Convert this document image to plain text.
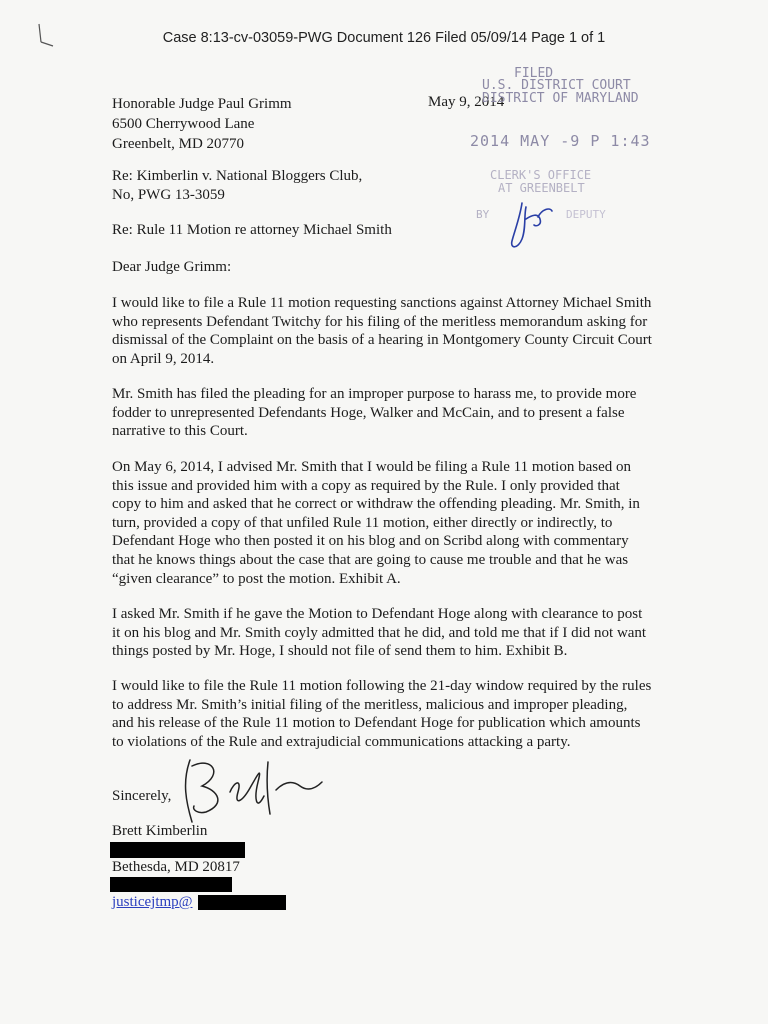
Case 8:13-cv-03059-PWG Document 126 Filed 05/09/14 Page 1 of 1
Honorable Judge Paul Grimm
6500 Cherrywood Lane
Greenbelt, MD 20770
May 9, 2014
FILED
U.S. DISTRICT COURT
DISTRICT OF MARYLAND
2014 MAY -9 P 1:43
CLERK'S OFFICE
AT GREENBELT
BY	DEPUTY
Re: Kimberlin v. National Bloggers Club,
No, PWG 13-3059
Re: Rule 11 Motion re attorney Michael Smith
Dear Judge Grimm:

I would like to file a Rule 11 motion requesting sanctions against Attorney Michael Smith who represents Defendant Twitchy for his filing of the meritless memorandum asking for dismissal of the Complaint on the basis of a hearing in Montgomery County Circuit Court on April 9, 2014.

Mr. Smith has filed the pleading for an improper purpose to harass me, to provide more fodder to unrepresented Defendants Hoge, Walker and McCain, and to present a false narrative to this Court.

On May 6, 2014, I advised Mr. Smith that I would be filing a Rule 11 motion based on this issue and provided him with a copy as required by the Rule. I only provided that copy to him and asked that he correct or withdraw the offending pleading. Mr. Smith, in turn, provided a copy of that unfiled Rule 11 motion, either directly or indirectly, to Defendant Hoge who then posted it on his blog and on Scribd along with commentary that he knows things about the case that are going to cause me trouble and that he was “given clearance” to post the motion. Exhibit A.

I asked Mr. Smith if he gave the Motion to Defendant Hoge along with clearance to post it on his blog and Mr. Smith coyly admitted that he did, and told me that if I did not want things posted by Mr. Hoge, I should not file of send them to him. Exhibit B.

I would like to file the Rule 11 motion following the 21-day window required by the rules to address Mr. Smith’s initial filing of the meritless, malicious and improper pleading, and his release of the Rule 11 motion to Defendant Hoge for publication which amounts to violations of the Rule and extrajudicial communications attacking a party.

Sincerely,
Brett Kimberlin
Bethesda, MD 20817
justicejtmp@
